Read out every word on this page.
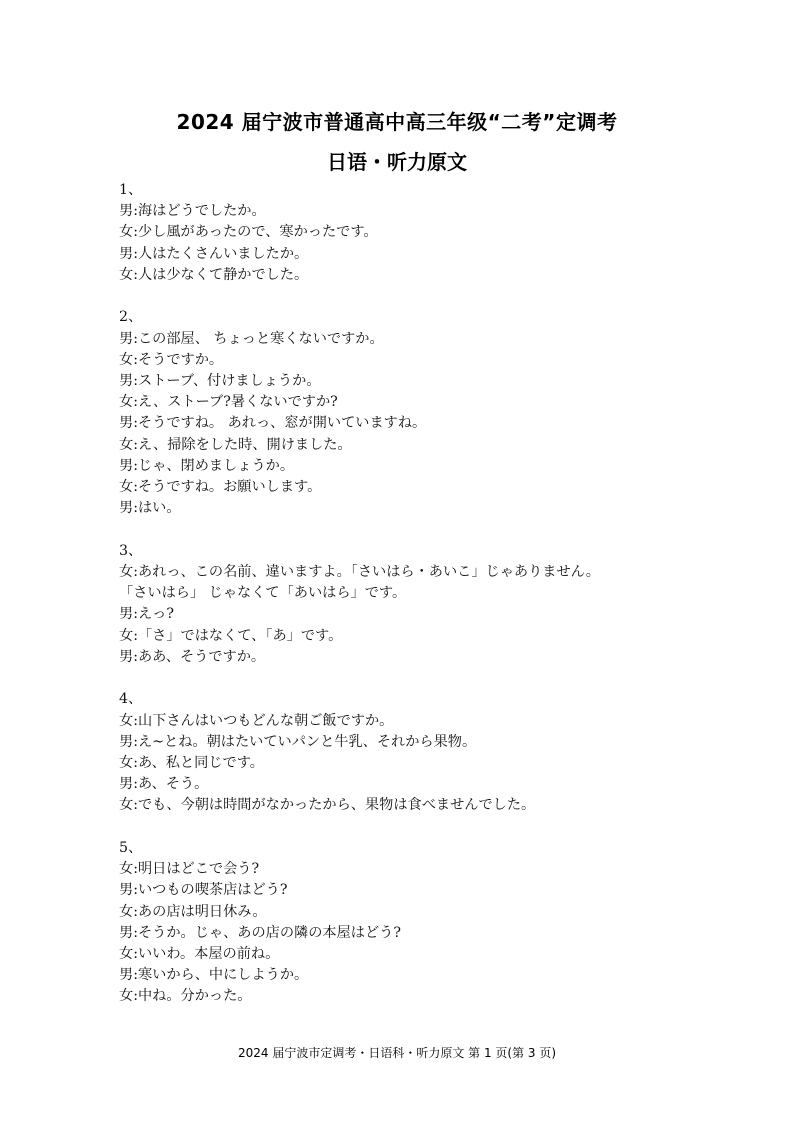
2024 届宁波市普通高中高三年级“二考”定调考
日语・听力原文
1、
男:海はどうでしたか。
女:少し風があったので、寒かったです。
男:人はたくさんいましたか。
女:人は少なくて静かでした。
2、
男:この部屋、 ちょっと寒くないですか。
女:そうですか。
男:ストーブ、付けましょうか。
女:え、ストーブ?暑くないですか?
男:そうですね。 あれっ、窓が開いていますね。
女:え、掃除をした時、開けました。
男:じゃ、閉めましょうか。
女:そうですね。お願いします。
男:はい。
3、
女:あれっ、この名前、違いますよ。「さいはら・あいこ」じゃありません。
「さいはら」 じゃなくて「あいはら」です。
男:えっ?
女:「さ」ではなくて、「あ」です。
男:ああ、そうですか。
4、
女:山下さんはいつもどんな朝ご飯ですか。
男:え~とね。朝はたいていパンと牛乳、それから果物。
女:あ、私と同じです。
男:あ、そう。
女:でも、今朝は時間がなかったから、果物は食べませんでした。
5、
女:明日はどこで会う?
男:いつもの喫茶店はどう?
女:あの店は明日休み。
男:そうか。じゃ、あの店の隣の本屋はどう?
女:いいわ。本屋の前ね。
男:寒いから、中にしようか。
女:中ね。分かった。
2024 届宁波市定调考・日语科・听力原文 第 1 页(第 3 页)
